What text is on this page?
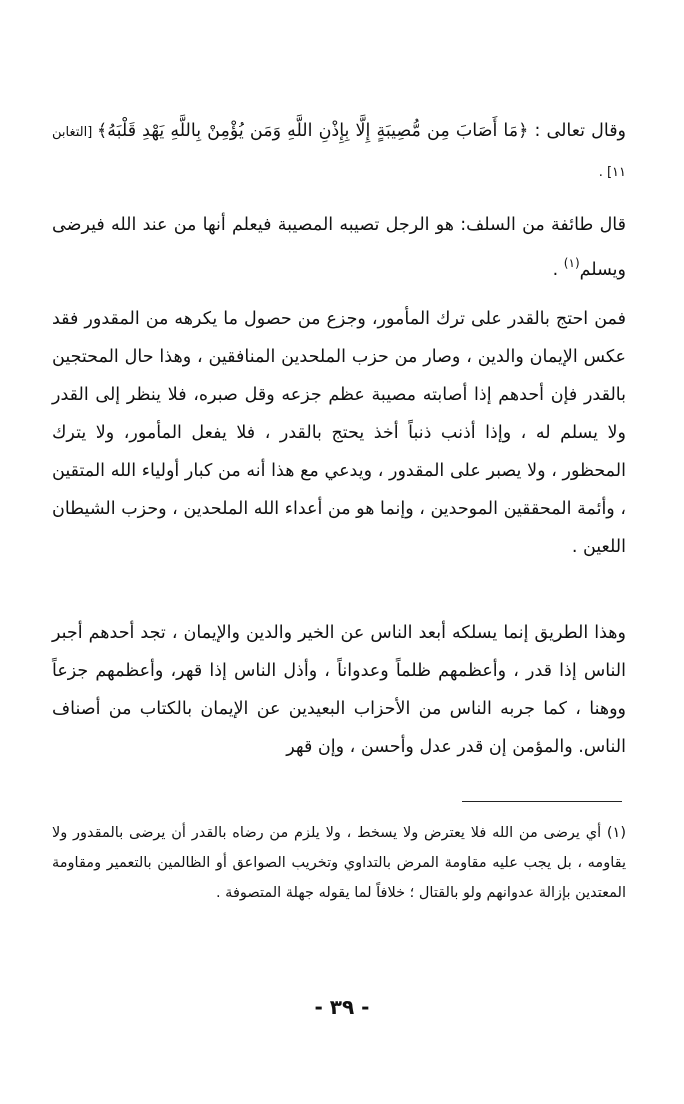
وقال تعالى : ﴿مَا أَصَابَ مِن مُّصِيبَةٍ إِلَّا بِإِذْنِ اللَّهِ وَمَن يُؤْمِنْ بِاللَّهِ يَهْدِ قَلْبَهُ﴾ [التغابن ١١] .

قال طائفة من السلف: هو الرجل تصيبه المصيبة فيعلم أنها من عند الله فيرضى ويسلم$^{(١)}$ .

فمن احتج بالقدر على ترك المأمور، وجزع من حصول ما يكرهه من المقدور فقد عكس الإيمان والدين ، وصار من حزب الملحدين المنافقين ، وهذا حال المحتجين بالقدر فإن أحدهم إذا أصابته مصيبة عظم جزعه وقل صبره، فلا ينظر إلى القدر ولا يسلم له ، وإذا أذنب ذنباً أخذ يحتج بالقدر ، فلا يفعل المأمور، ولا يترك المحظور ، ولا يصبر على المقدور ، ويدعي مع هذا أنه من كبار أولياء الله المتقين ، وأئمة المحققين الموحدين ، وإنما هو من أعداء الله الملحدين ، وحزب الشيطان اللعين .

وهذا الطريق إنما يسلكه أبعد الناس عن الخير والدين والإيمان ، تجد أحدهم أجبر الناس إذا قدر ، وأعظمهم ظلماً وعدواناً ، وأذل الناس إذا قهر، وأعظمهم جزعاً ووهنا ، كما جربه الناس من الأحزاب البعيدين عن الإيمان بالكتاب من أصناف الناس. والمؤمن إن قدر عدل وأحسن ، وإن قهر

(١) أي يرضى من الله فلا يعترض ولا يسخط ، ولا يلزم من رضاه بالقدر أن يرضى بالمقدور ولا يقاومه ، بل يجب عليه مقاومة المرض بالتداوي وتخريب الصواعق أو الظالمين بالتعمير ومقاومة المعتدين بإزالة عدوانهم ولو بالقتال ؛ خلافاً لما يقوله جهلة المتصوفة .

- ٣٩ -
